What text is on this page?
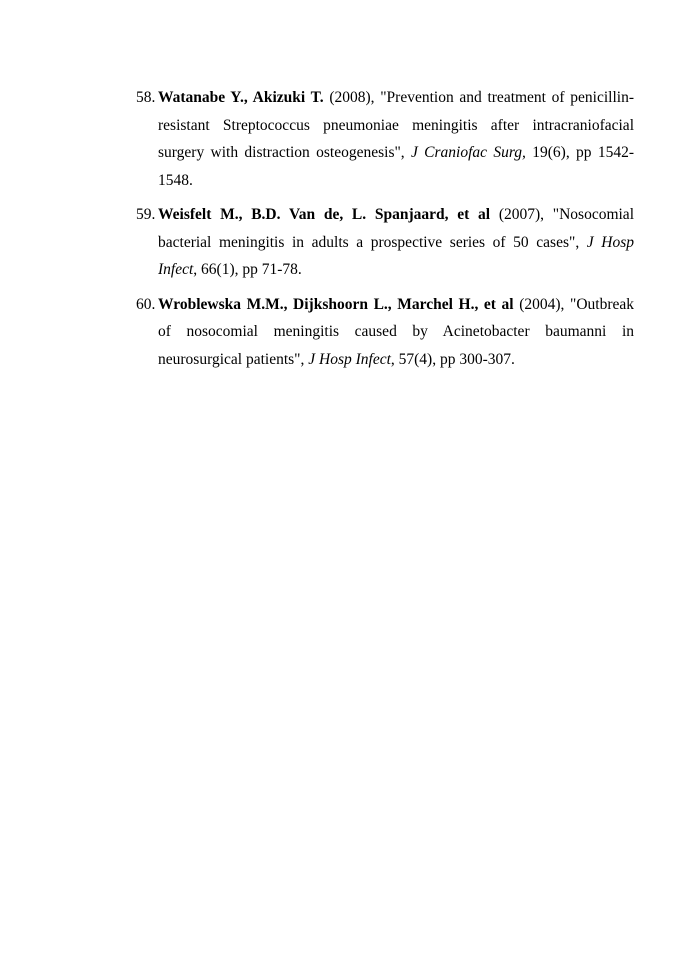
58. Watanabe Y., Akizuki T. (2008), "Prevention and treatment of penicillin-resistant Streptococcus pneumoniae meningitis after intracraniofacial surgery with distraction osteogenesis", J Craniofac Surg, 19(6), pp 1542-1548.
59. Weisfelt M., B.D. Van de, L. Spanjaard, et al (2007), "Nosocomial bacterial meningitis in adults a prospective series of 50 cases", J Hosp Infect, 66(1), pp 71-78.
60. Wroblewska M.M., Dijkshoorn L., Marchel H., et al (2004), "Outbreak of nosocomial meningitis caused by Acinetobacter baumanni in neurosurgical patients", J Hosp Infect, 57(4), pp 300-307.
